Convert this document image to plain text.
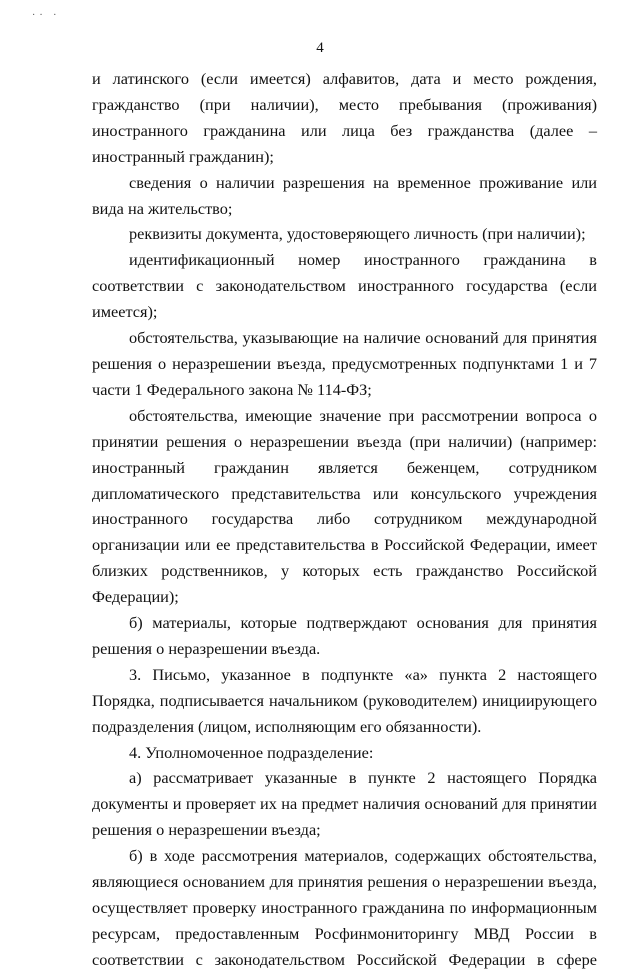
·· ·
4

и латинского (если имеется) алфавитов, дата и место рождения, гражданство (при наличии), место пребывания (проживания) иностранного гражданина или лица без гражданства (далее – иностранный гражданин);

сведения о наличии разрешения на временное проживание или вида на жительство;

реквизиты документа, удостоверяющего личность (при наличии);

идентификационный номер иностранного гражданина в соответствии с законодательством иностранного государства (если имеется);

обстоятельства, указывающие на наличие оснований для принятия решения о неразрешении въезда, предусмотренных подпунктами 1 и 7 части 1 Федерального закона № 114-ФЗ;

обстоятельства, имеющие значение при рассмотрении вопроса о принятии решения о неразрешении въезда (при наличии) (например: иностранный гражданин является беженцем, сотрудником дипломатического представительства или консульского учреждения иностранного государства либо сотрудником международной организации или ее представительства в Российской Федерации, имеет близких родственников, у которых есть гражданство Российской Федерации);

б) материалы, которые подтверждают основания для принятия решения о неразрешении въезда.

3. Письмо, указанное в подпункте «а» пункта 2 настоящего Порядка, подписывается начальником (руководителем) инициирующего подразделения (лицом, исполняющим его обязанности).

4. Уполномоченное подразделение:

а) рассматривает указанные в пункте 2 настоящего Порядка документы и проверяет их на предмет наличия оснований для принятии решения о неразрешении въезда;

б) в ходе рассмотрения материалов, содержащих обстоятельства, являющиеся основанием для принятия решения о неразрешении въезда, осуществляет проверку иностранного гражданина по информационным ресурсам, предоставленным Росфинмониторингу МВД России в соответствии с законодательством Российской Федерации в сфере
